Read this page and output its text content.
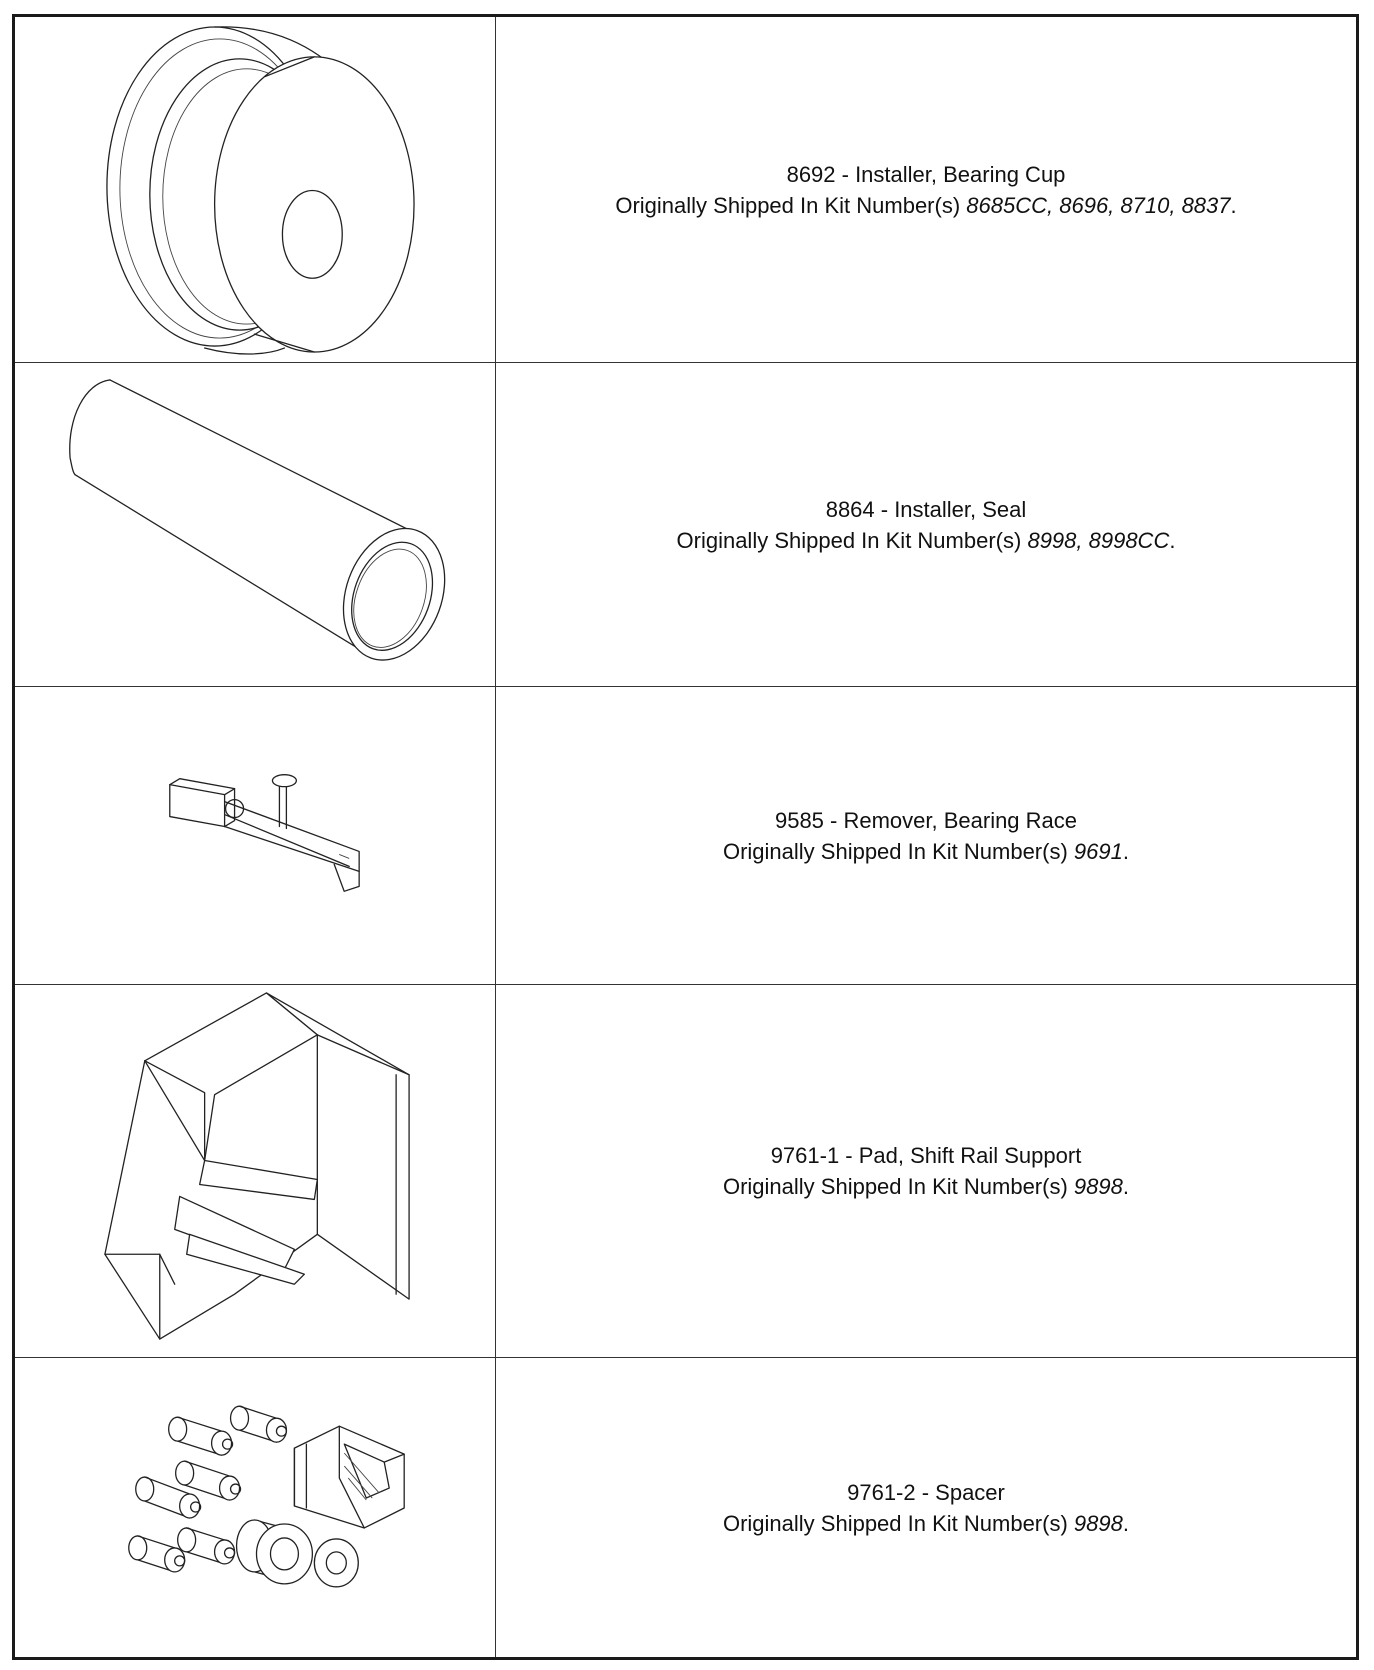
8692 - Installer, Bearing Cup
Originally Shipped In Kit Number(s) 8685CC, 8696, 8710, 8837.
8864 - Installer, Seal
Originally Shipped In Kit Number(s) 8998, 8998CC.
9585 - Remover, Bearing Race
Originally Shipped In Kit Number(s) 9691.
9761-1 - Pad, Shift Rail Support
Originally Shipped In Kit Number(s) 9898.
9761-2 - Spacer
Originally Shipped In Kit Number(s) 9898.
